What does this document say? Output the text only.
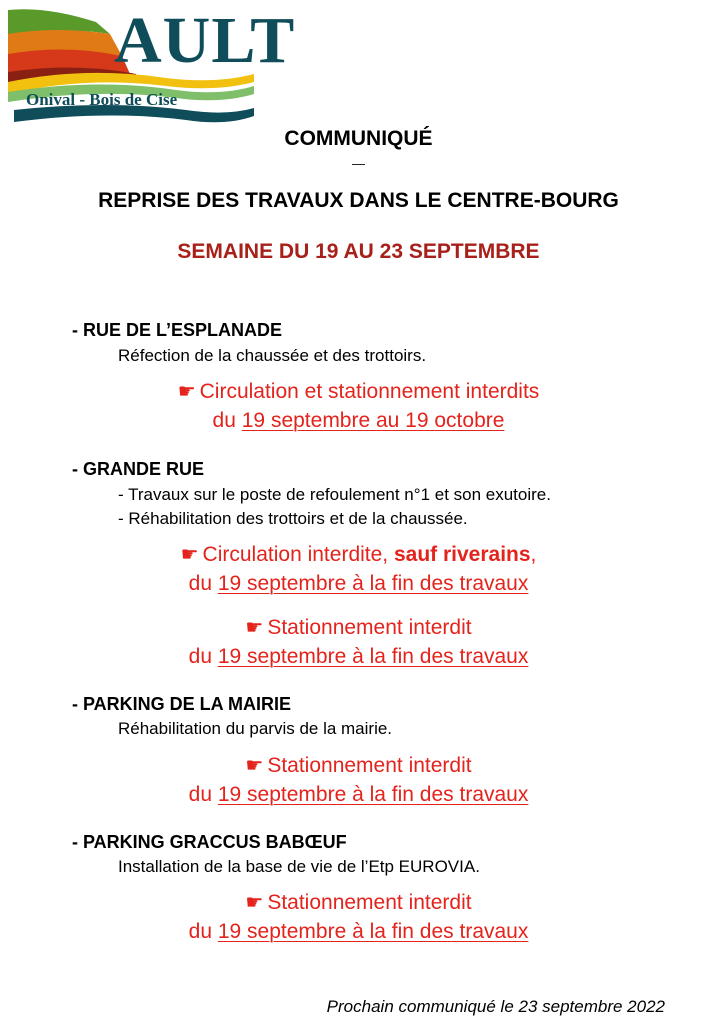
AULT
Onival - Bois de Cise
COMMUNIQUÉ
—
REPRISE DES TRAVAUX DANS LE CENTRE-BOURG
SEMAINE DU 19 AU 23 SEPTEMBRE
- RUE DE L’ESPLANADE
Réfection de la chaussée et des trottoirs.
☛ Circulation et stationnement interdits
du 19 septembre au 19 octobre
- GRANDE RUE
- Travaux sur le poste de refoulement n°1 et son exutoire.
- Réhabilitation des trottoirs et de la chaussée.
☛ Circulation interdite, sauf riverains,
du 19 septembre à la fin des travaux
☛ Stationnement interdit
du 19 septembre à la fin des travaux
- PARKING DE LA MAIRIE
Réhabilitation du parvis de la mairie.
☛ Stationnement interdit
du 19 septembre à la fin des travaux
- PARKING GRACCUS BABŒUF
Installation de la base de vie de l’Etp EUROVIA.
☛ Stationnement interdit
du 19 septembre à la fin des travaux
Prochain communiqué le 23 septembre 2022
